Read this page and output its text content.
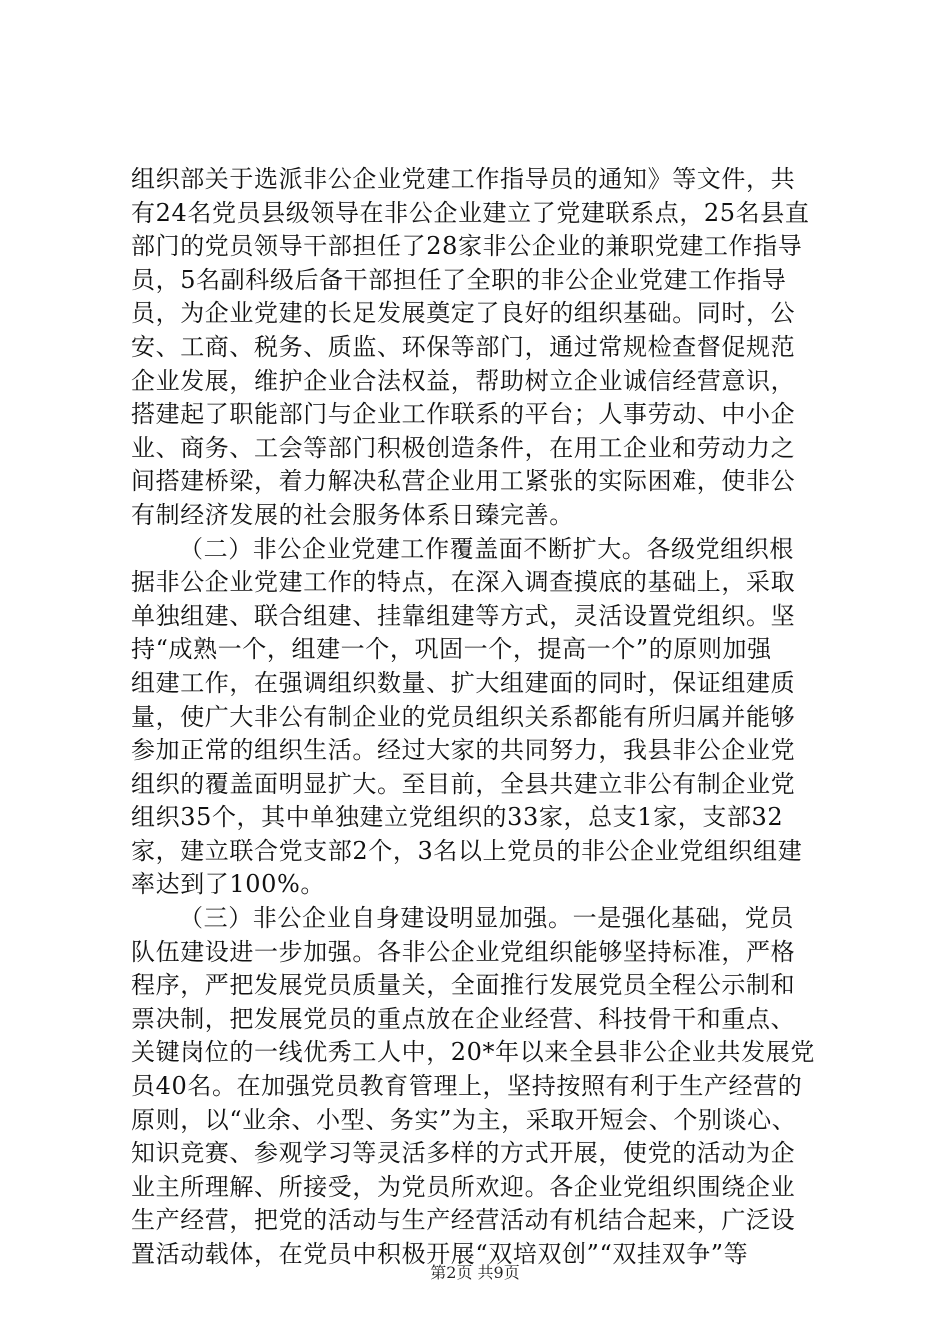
组织部关于选派非公企业党建工作指导员的通知》等文件，共
有24名党员县级领导在非公企业建立了党建联系点，25名县直
部门的党员领导干部担任了28家非公企业的兼职党建工作指导
员，5名副科级后备干部担任了全职的非公企业党建工作指导
员，为企业党建的长足发展奠定了良好的组织基础。同时，公
安、工商、税务、质监、环保等部门，通过常规检查督促规范
企业发展，维护企业合法权益，帮助树立企业诚信经营意识，
搭建起了职能部门与企业工作联系的平台；人事劳动、中小企
业、商务、工会等部门积极创造条件，在用工企业和劳动力之
间搭建桥梁，着力解决私营企业用工紧张的实际困难，使非公
有制经济发展的社会服务体系日臻完善。
（二）非公企业党建工作覆盖面不断扩大。各级党组织根
据非公企业党建工作的特点，在深入调查摸底的基础上，采取
单独组建、联合组建、挂靠组建等方式，灵活设置党组织。坚
持“成熟一个，组建一个，巩固一个，提高一个”的原则加强
组建工作，在强调组织数量、扩大组建面的同时，保证组建质
量，使广大非公有制企业的党员组织关系都能有所归属并能够
参加正常的组织生活。经过大家的共同努力，我县非公企业党
组织的覆盖面明显扩大。至目前，全县共建立非公有制企业党
组织35个，其中单独建立党组织的33家，总支1家，支部32
家，建立联合党支部2个，3名以上党员的非公企业党组织组建
率达到了100%。
（三）非公企业自身建设明显加强。一是强化基础，党员
队伍建设进一步加强。各非公企业党组织能够坚持标准，严格
程序，严把发展党员质量关，全面推行发展党员全程公示制和
票决制，把发展党员的重点放在企业经营、科技骨干和重点、
关键岗位的一线优秀工人中，20*年以来全县非公企业共发展党
员40名。在加强党员教育管理上，坚持按照有利于生产经营的
原则，以“业余、小型、务实”为主，采取开短会、个别谈心、
知识竞赛、参观学习等灵活多样的方式开展，使党的活动为企
业主所理解、所接受，为党员所欢迎。各企业党组织围绕企业
生产经营，把党的活动与生产经营活动有机结合起来，广泛设
置活动载体，在党员中积极开展“双培双创”“双挂双争”等
第2页 共9页
